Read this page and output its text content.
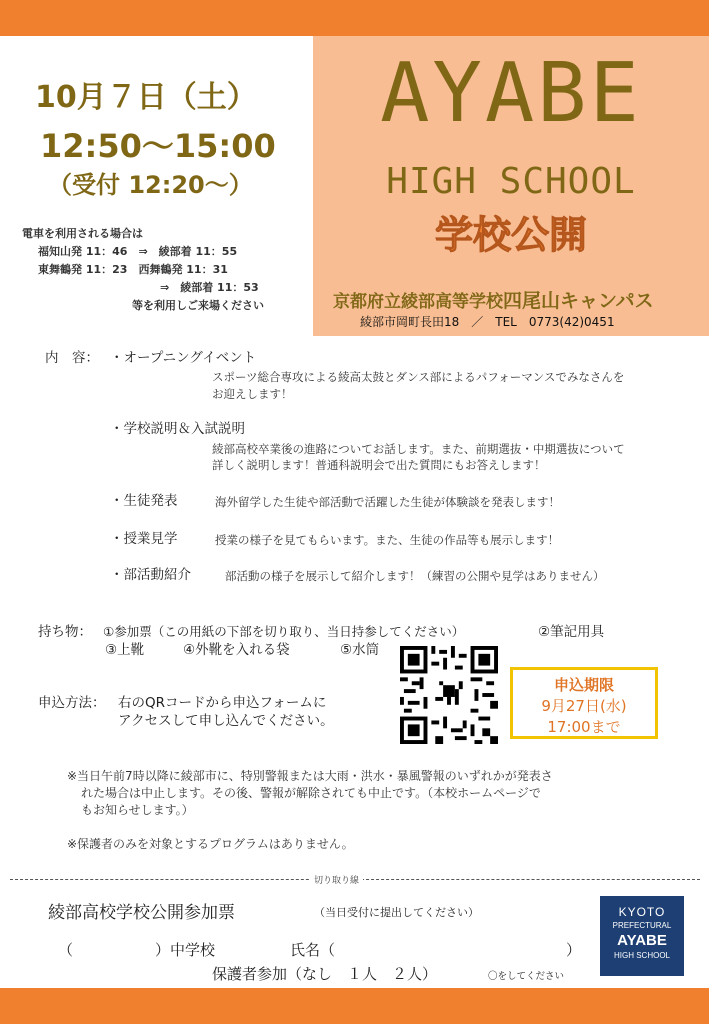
AYABE
HIGH SCHOOL
学校公開
京都府立綾部高等学校四尾山キャンパス
綾部市岡町長田18　／　TEL　0773(42)0451
10月７日（土）
12:50〜15:00
（受付 12:20〜）
電車を利用される場合は
福知山発 11：46　⇒　綾部着 11：55
東舞鶴発 11：23　西舞鶴発 11：31
⇒　綾部着 11：53
等を利用しご来場ください
内　容： ・オープニングイベント
スポーツ総合専攻による綾高太鼓とダンス部によるパフォーマンスでみなさんを
お迎えします！
・学校説明＆入試説明
綾部高校卒業後の進路についてお話します。また、前期選抜・中期選抜について
詳しく説明します！普通科説明会で出た質問にもお答えします！
・生徒発表	海外留学した生徒や部活動で活躍した生徒が体験談を発表します！
・授業見学	授業の様子を見てもらいます。また、生徒の作品等も展示します！
・部活動紹介	部活動の様子を展示して紹介します！（練習の公開や見学はありません）
持ち物： ①参加票（この用紙の下部を切り取り、当日持参してください）	②筆記用具
③上靴	④外靴を入れる袋	⑤水筒
申込方法： 右のQRコードから申込フォームに
アクセスして申し込んでください。
申込期限
9月27日(水)
17:00まで
※当日午前7時以降に綾部市に、特別警報または大雨・洪水・暴風警報のいずれかが発表さ
れた場合は中止します。その後、警報が解除されても中止です。（本校ホームページで
もお知らせします。）
※保護者のみを対象とするプログラムはありません。
切り取り線
綾部高校学校公開参加票	（当日受付に提出してください）
（	）中学校	氏名（	）
保護者参加（なし　１人　２人）	〇をしてください
KYOTO
PREFECTURAL
AYABE
HIGH SCHOOL
